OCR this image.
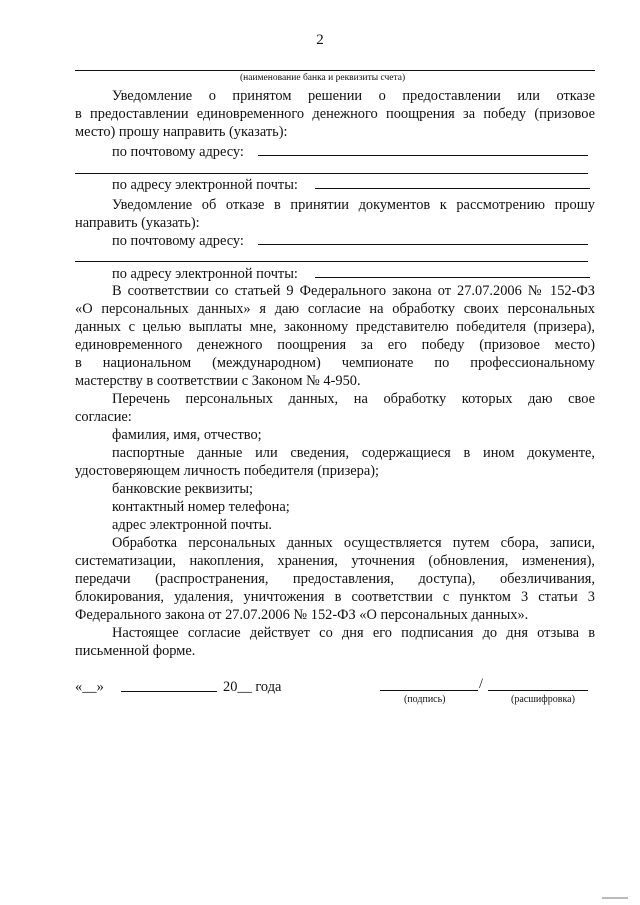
2
(наименование банка и реквизиты счета)
Уведомление о принятом решении о предоставлении или отказе
в предоставлении единовременного денежного поощрения за победу (призовое
место) прошу направить (указать):
по почтовому адресу:
по адресу электронной почты:
Уведомление об отказе в принятии документов к рассмотрению прошу
направить (указать):
по почтовому адресу:
по адресу электронной почты:
В соответствии со статьей 9 Федерального закона от 27.07.2006 № 152-ФЗ
«О персональных данных» я даю согласие на обработку своих персональных
данных с целью выплаты мне, законному представителю победителя (призера),
единовременного денежного поощрения за его победу (призовое место)
в национальном (международном) чемпионате по профессиональному
мастерству в соответствии с Законом № 4-950.
Перечень персональных данных, на обработку которых даю свое
согласие:
фамилия, имя, отчество;
паспортные данные или сведения, содержащиеся в ином документе,
удостоверяющем личность победителя (призера);
банковские реквизиты;
контактный номер телефона;
адрес электронной почты.
Обработка персональных данных осуществляется путем сбора, записи,
систематизации, накопления, хранения, уточнения (обновления, изменения),
передачи (распространения, предоставления, доступа), обезличивания,
блокирования, удаления, уничтожения в соответствии с пунктом 3 статьи 3
Федерального закона от 27.07.2006 № 152-ФЗ «О персональных данных».
Настоящее согласие действует со дня его подписания до дня отзыва в
письменной форме.
«__»	20__ года	/
(подпись)	(расшифровка)
